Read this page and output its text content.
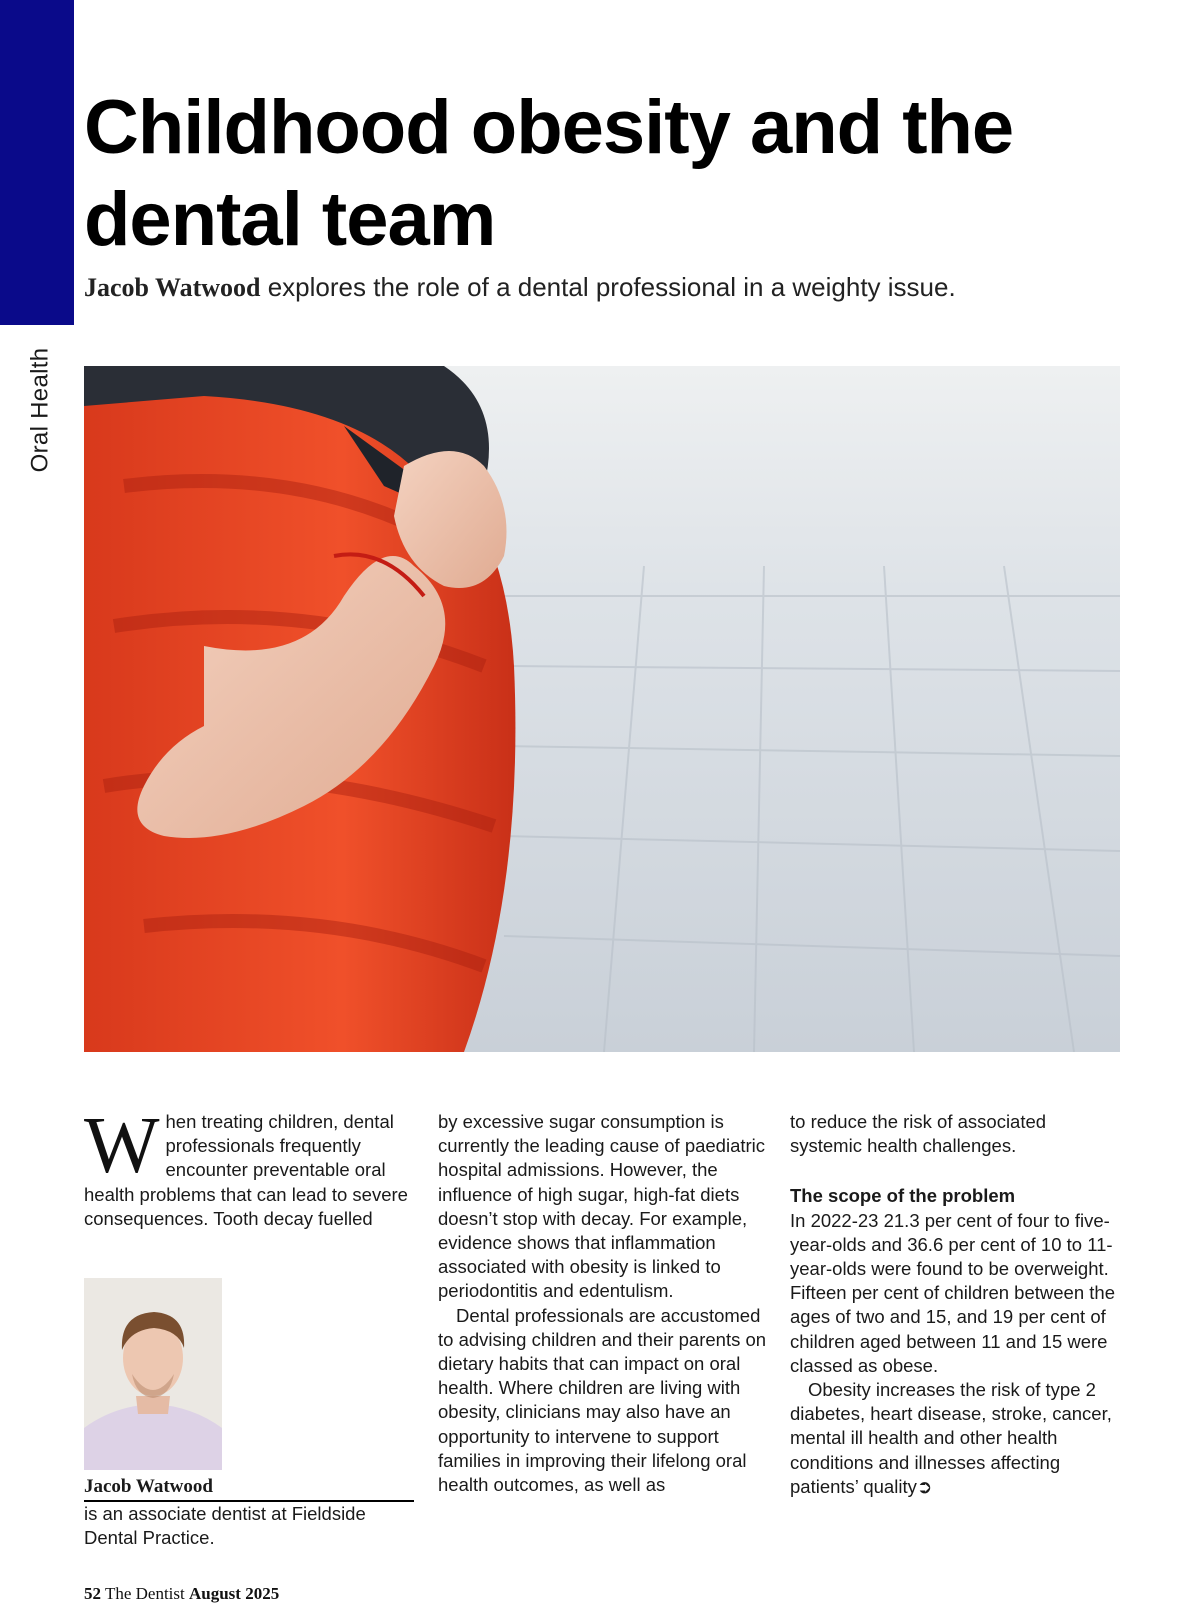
Oral Health
Childhood obesity and the dental team

Jacob Watwood explores the role of a dental professional in a weighty issue.

When treating children, dental professionals frequently encounter preventable oral health problems that can lead to severe consequences. Tooth decay fuelled

Jacob Watwood
is an associate dentist at Fieldside Dental Practice.

by excessive sugar consumption is currently the leading cause of paediatric hospital admissions. However, the influence of high sugar, high-fat diets doesn’t stop with decay. For example, evidence shows that inflammation associated with obesity is linked to periodontitis and edentulism.

Dental professionals are accustomed to advising children and their parents on dietary habits that can impact on oral health. Where children are living with obesity, clinicians may also have an opportunity to intervene to support families in improving their lifelong oral health outcomes, as well as

to reduce the risk of associated systemic health challenges.

The scope of the problem

In 2022-23 21.3 per cent of four to five-year-olds and 36.6 per cent of 10 to 11-year-olds were found to be overweight. Fifteen per cent of children between the ages of two and 15, and 19 per cent of children aged between 11 and 15 were classed as obese.

Obesity increases the risk of type 2 diabetes, heart disease, stroke, cancer, mental ill health and other health conditions and illnesses affecting patients’ quality➲

52 The Dentist August 2025
